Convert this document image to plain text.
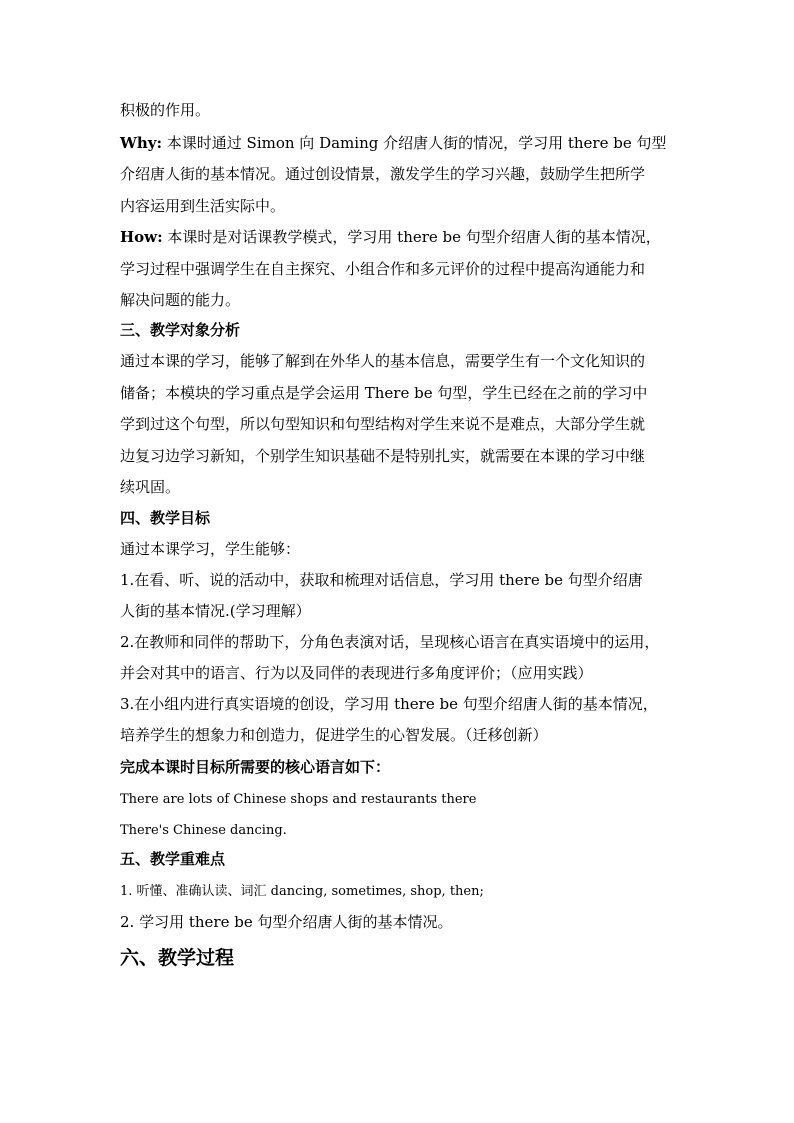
积极的作用。
Why: 本课时通过 Simon 向 Daming 介绍唐人街的情况，学习用 there be 句型
介绍唐人街的基本情况。通过创设情景，激发学生的学习兴趣，鼓励学生把所学
内容运用到生活实际中。
How: 本课时是对话课教学模式，学习用 there be 句型介绍唐人街的基本情况，
学习过程中强调学生在自主探究、小组合作和多元评价的过程中提高沟通能力和
解决问题的能力。
三、教学对象分析
通过本课的学习，能够了解到在外华人的基本信息，需要学生有一个文化知识的
储备；本模块的学习重点是学会运用 There be 句型，学生已经在之前的学习中
学到过这个句型，所以句型知识和句型结构对学生来说不是难点，大部分学生就
边复习边学习新知，个别学生知识基础不是特别扎实，就需要在本课的学习中继
续巩固。
四、教学目标
通过本课学习，学生能够：
1.在看、听、说的活动中，获取和梳理对话信息，学习用 there be 句型介绍唐
人街的基本情况.(学习理解）
2.在教师和同伴的帮助下，分角色表演对话，呈现核心语言在真实语境中的运用，
并会对其中的语言、行为以及同伴的表现进行多角度评价；（应用实践）
3.在小组内进行真实语境的创设，学习用 there be 句型介绍唐人街的基本情况，
培养学生的想象力和创造力，促进学生的心智发展。（迁移创新）
完成本课时目标所需要的核心语言如下：
There are lots of Chinese shops and restaurants there
There's Chinese dancing.
五、教学重难点
1. 听懂、准确认读、词汇 dancing, sometimes, shop, then;
2. 学习用 there be 句型介绍唐人街的基本情况。
六、教学过程
